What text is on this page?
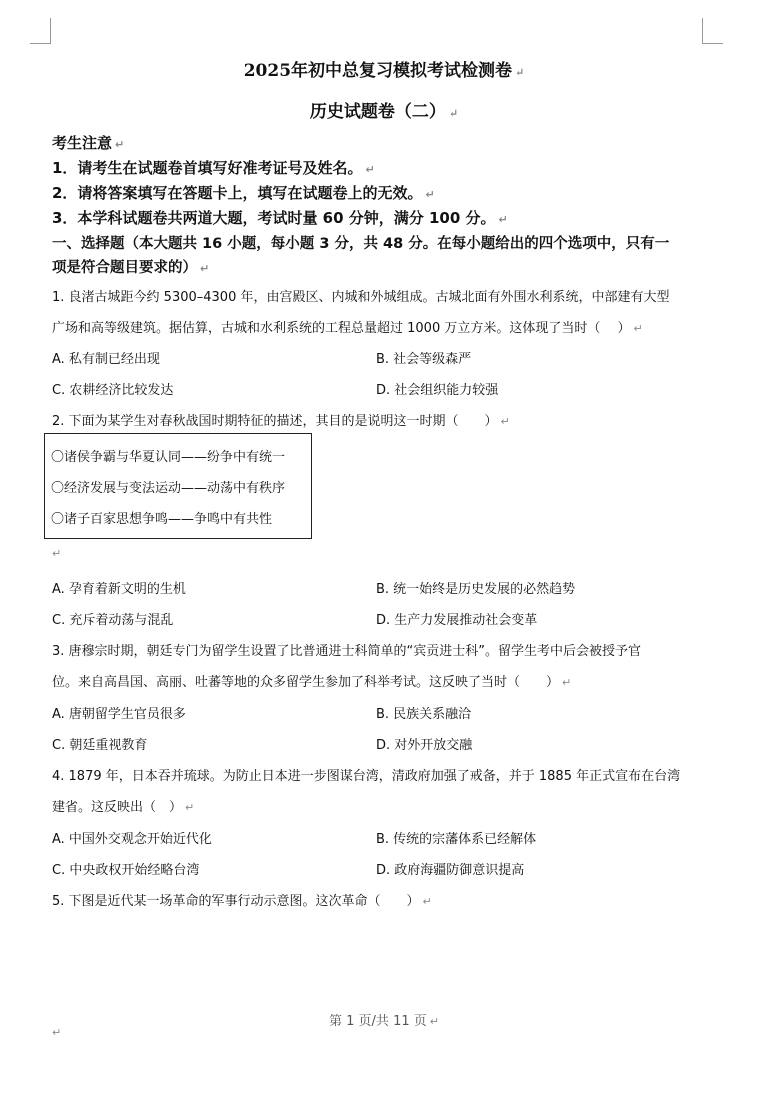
2025年初中总复习模拟考试检测卷 ↵
历史试题卷（二） ↵
考生注意 ↵
1．请考生在试题卷首填写好准考证号及姓名。 ↵
2．请将答案填写在答题卡上，填写在试题卷上的无效。 ↵
3．本学科试题卷共两道大题，考试时量 60 分钟，满分 100 分。 ↵
一、选择题（本大题共 16 小题，每小题 3 分，共 48 分。在每小题给出的四个选项中，只有一
项是符合题目要求的） ↵
1. 良渚古城距今约 5300–4300 年，由宫殿区、内城和外城组成。古城北面有外围水利系统，中部建有大型
广场和高等级建筑。据估算，古城和水利系统的工程总量超过 1000 万立方米。这体现了当时（　 ） ↵
A. 私有制已经出现	B. 社会等级森严
C. 农耕经济比较发达	D. 社会组织能力较强
2. 下面为某学生对春秋战国时期特征的描述，其目的是说明这一时期（　　） ↵
〇诸侯争霸与华夏认同——纷争中有统一
〇经济发展与变法运动——动荡中有秩序
〇诸子百家思想争鸣——争鸣中有共性
↵
A. 孕育着新文明的生机	B. 统一始终是历史发展的必然趋势
C. 充斥着动荡与混乱	D. 生产力发展推动社会变革
3. 唐穆宗时期，朝廷专门为留学生设置了比普通进士科简单的“宾贡进士科”。留学生考中后会被授予官
位。来自高昌国、高丽、吐蕃等地的众多留学生参加了科举考试。这反映了当时（　　） ↵
A. 唐朝留学生官员很多	B. 民族关系融洽
C. 朝廷重视教育	D. 对外开放交融
4. 1879 年，日本吞并琉球。为防止日本进一步图谋台湾，清政府加强了戒备，并于 1885 年正式宣布在台湾
建省。这反映出（　） ↵
A. 中国外交观念开始近代化	B. 传统的宗藩体系已经解体
C. 中央政权开始经略台湾	D. 政府海疆防御意识提高
5. 下图是近代某一场革命的军事行动示意图。这次革命（　　） ↵
第 1 页/共 11 页 ↵
↵
